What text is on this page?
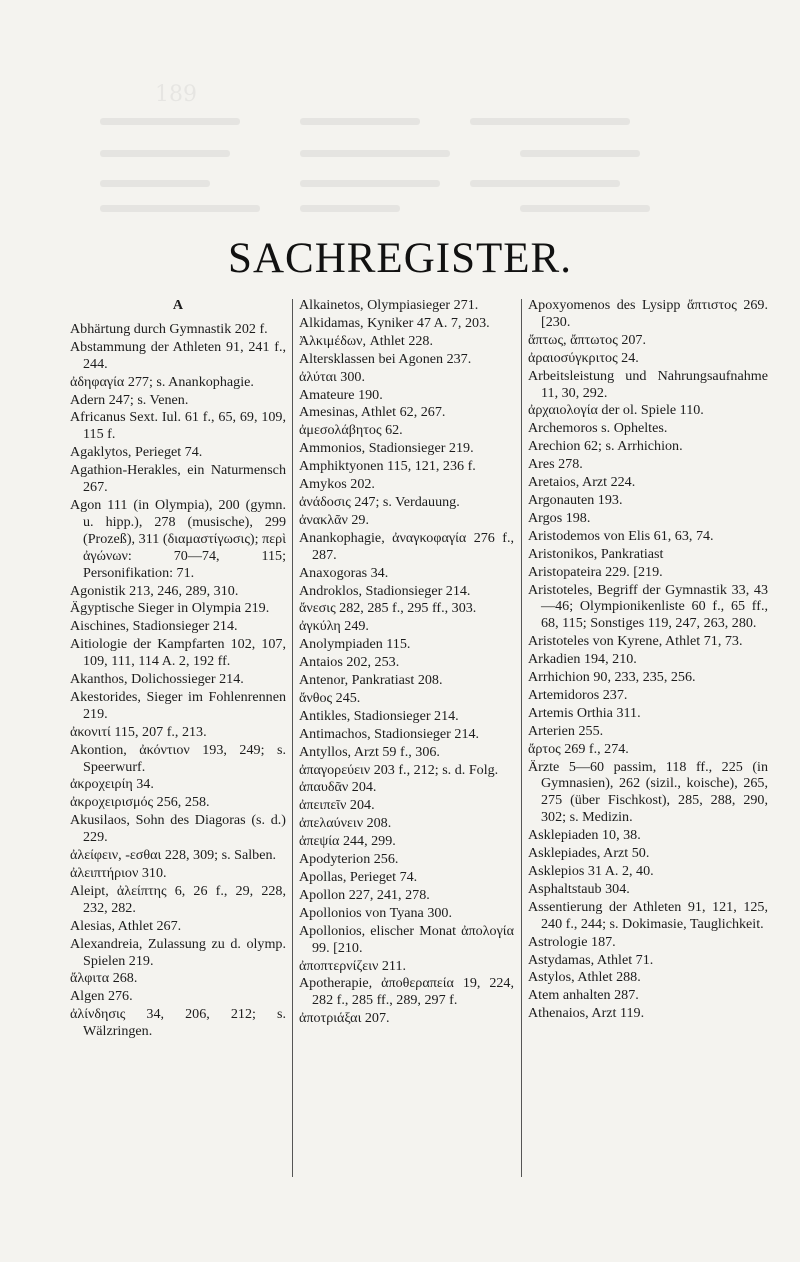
189
SACHREGISTER.
A
Abhärtung durch Gymnastik 202 f.
Abstammung der Athleten 91, 241 f., 244.
ἀδηφαγία 277; s. Anankophagie.
Adern 247; s. Venen.
Africanus Sext. Iul. 61 f., 65, 69, 109, 115 f.
Agaklytos, Perieget 74.
Agathion-Herakles, ein Naturmensch 267.
Agon 111 (in Olympia), 200 (gymn. u. hipp.), 278 (musische), 299 (Prozeß), 311 (διαμαστίγωσις); περὶ ἀγώνων: 70—74, 115; Personifikation: 71.
Agonistik 213, 246, 289, 310.
Ägyptische Sieger in Olympia 219.
Aischines, Stadionsieger 214.
Aitiologie der Kampfarten 102, 107, 109, 111, 114 A. 2, 192 ff.
Akanthos, Dolichossieger 214.
Akestorides, Sieger im Fohlenrennen 219.
ἀκονιτί 115, 207 f., 213.
Akontion, ἀκόντιον 193, 249; s. Speerwurf.
ἀκροχειρίη 34.
ἀκροχειρισμός 256, 258.
Akusilaos, Sohn des Diagoras (s. d.) 229.
ἀλείφειν, -εσθαι 228, 309; s. Salben.
ἀλειπτήριον 310.
Aleipt, ἀλείπτης 6, 26 f., 29, 228, 232, 282.
Alesias, Athlet 267.
Alexandreia, Zulassung zu d. olymp. Spielen 219.
ἄλφιτα 268.
Algen 276.
ἀλίνδησις 34, 206, 212; s. Wälzringen.
Alkainetos, Olympiasieger 271.
Alkidamas, Kyniker 47 A. 7, 203.
Ἀλκιμέδων, Athlet 228.
Altersklassen bei Agonen 237.
ἀλύται 300.
Amateure 190.
Amesinas, Athlet 62, 267.
ἀμεσολάβητος 62.
Ammonios, Stadionsieger 219.
Amphiktyonen 115, 121, 236 f.
Amykos 202.
ἀνάδοσις 247; s. Verdauung.
ἀνακλᾶν 29.
Anankophagie, ἀναγκοφαγία 276 f., 287.
Anaxogoras 34.
Androklos, Stadionsieger 214.
ἄνεσις 282, 285 f., 295 ff., 303.
ἀγκύλη 249.
Anolympiaden 115.
Antaios 202, 253.
Antenor, Pankratiast 208.
ἄνθος 245.
Antikles, Stadionsieger 214.
Antimachos, Stadionsieger 214.
Antyllos, Arzt 59 f., 306.
ἀπαγορεύειν 203 f., 212; s. d. Folg.
ἀπαυδᾶν 204.
ἀπειπεῖν 204.
ἀπελαύνειν 208.
ἀπεψία 244, 299.
Apodyterion 256.
Apollas, Perieget 74.
Apollon 227, 241, 278.
Apollonios von Tyana 300.
Apollonios, elischer Monat ἀπολογία 99. [210.
ἀποπτερνίζειν 211.
Apotherapie, ἀποθεραπεία 19, 224, 282 f., 285 ff., 289, 297 f.
ἀποτριάξαι 207.
Apoxyomenos des Lysipp ἄπτιστος 269. [230.
ἄπτως, ἄπτωτος 207.
ἀραιοσύγκριτος 24.
Arbeitsleistung und Nahrungsaufnahme 11, 30, 292.
ἀρχαιολογία der ol. Spiele 110.
Archemoros s. Opheltes.
Arechion 62; s. Arrhichion.
Ares 278.
Aretaios, Arzt 224.
Argonauten 193.
Argos 198.
Aristodemos von Elis 61, 63, 74.
Aristonikos, Pankratiast
Aristopateira 229. [219.
Aristoteles, Begriff der Gymnastik 33, 43—46; Olympionikenliste 60 f., 65 ff., 68, 115; Sonstiges 119, 247, 263, 280.
Aristoteles von Kyrene, Athlet 71, 73.
Arkadien 194, 210.
Arrhichion 90, 233, 235, 256.
Artemidoros 237.
Artemis Orthia 311.
Arterien 255.
ἄρτος 269 f., 274.
Ärzte 5—60 passim, 118 ff., 225 (in Gymnasien), 262 (sizil., koische), 265, 275 (über Fischkost), 285, 288, 290, 302; s. Medizin.
Asklepiaden 10, 38.
Asklepiades, Arzt 50.
Asklepios 31 A. 2, 40.
Asphaltstaub 304.
Assentierung der Athleten 91, 121, 125, 240 f., 244; s. Dokimasie, Tauglichkeit.
Astrologie 187.
Astydamas, Athlet 71.
Astylos, Athlet 288.
Atem anhalten 287.
Athenaios, Arzt 119.
